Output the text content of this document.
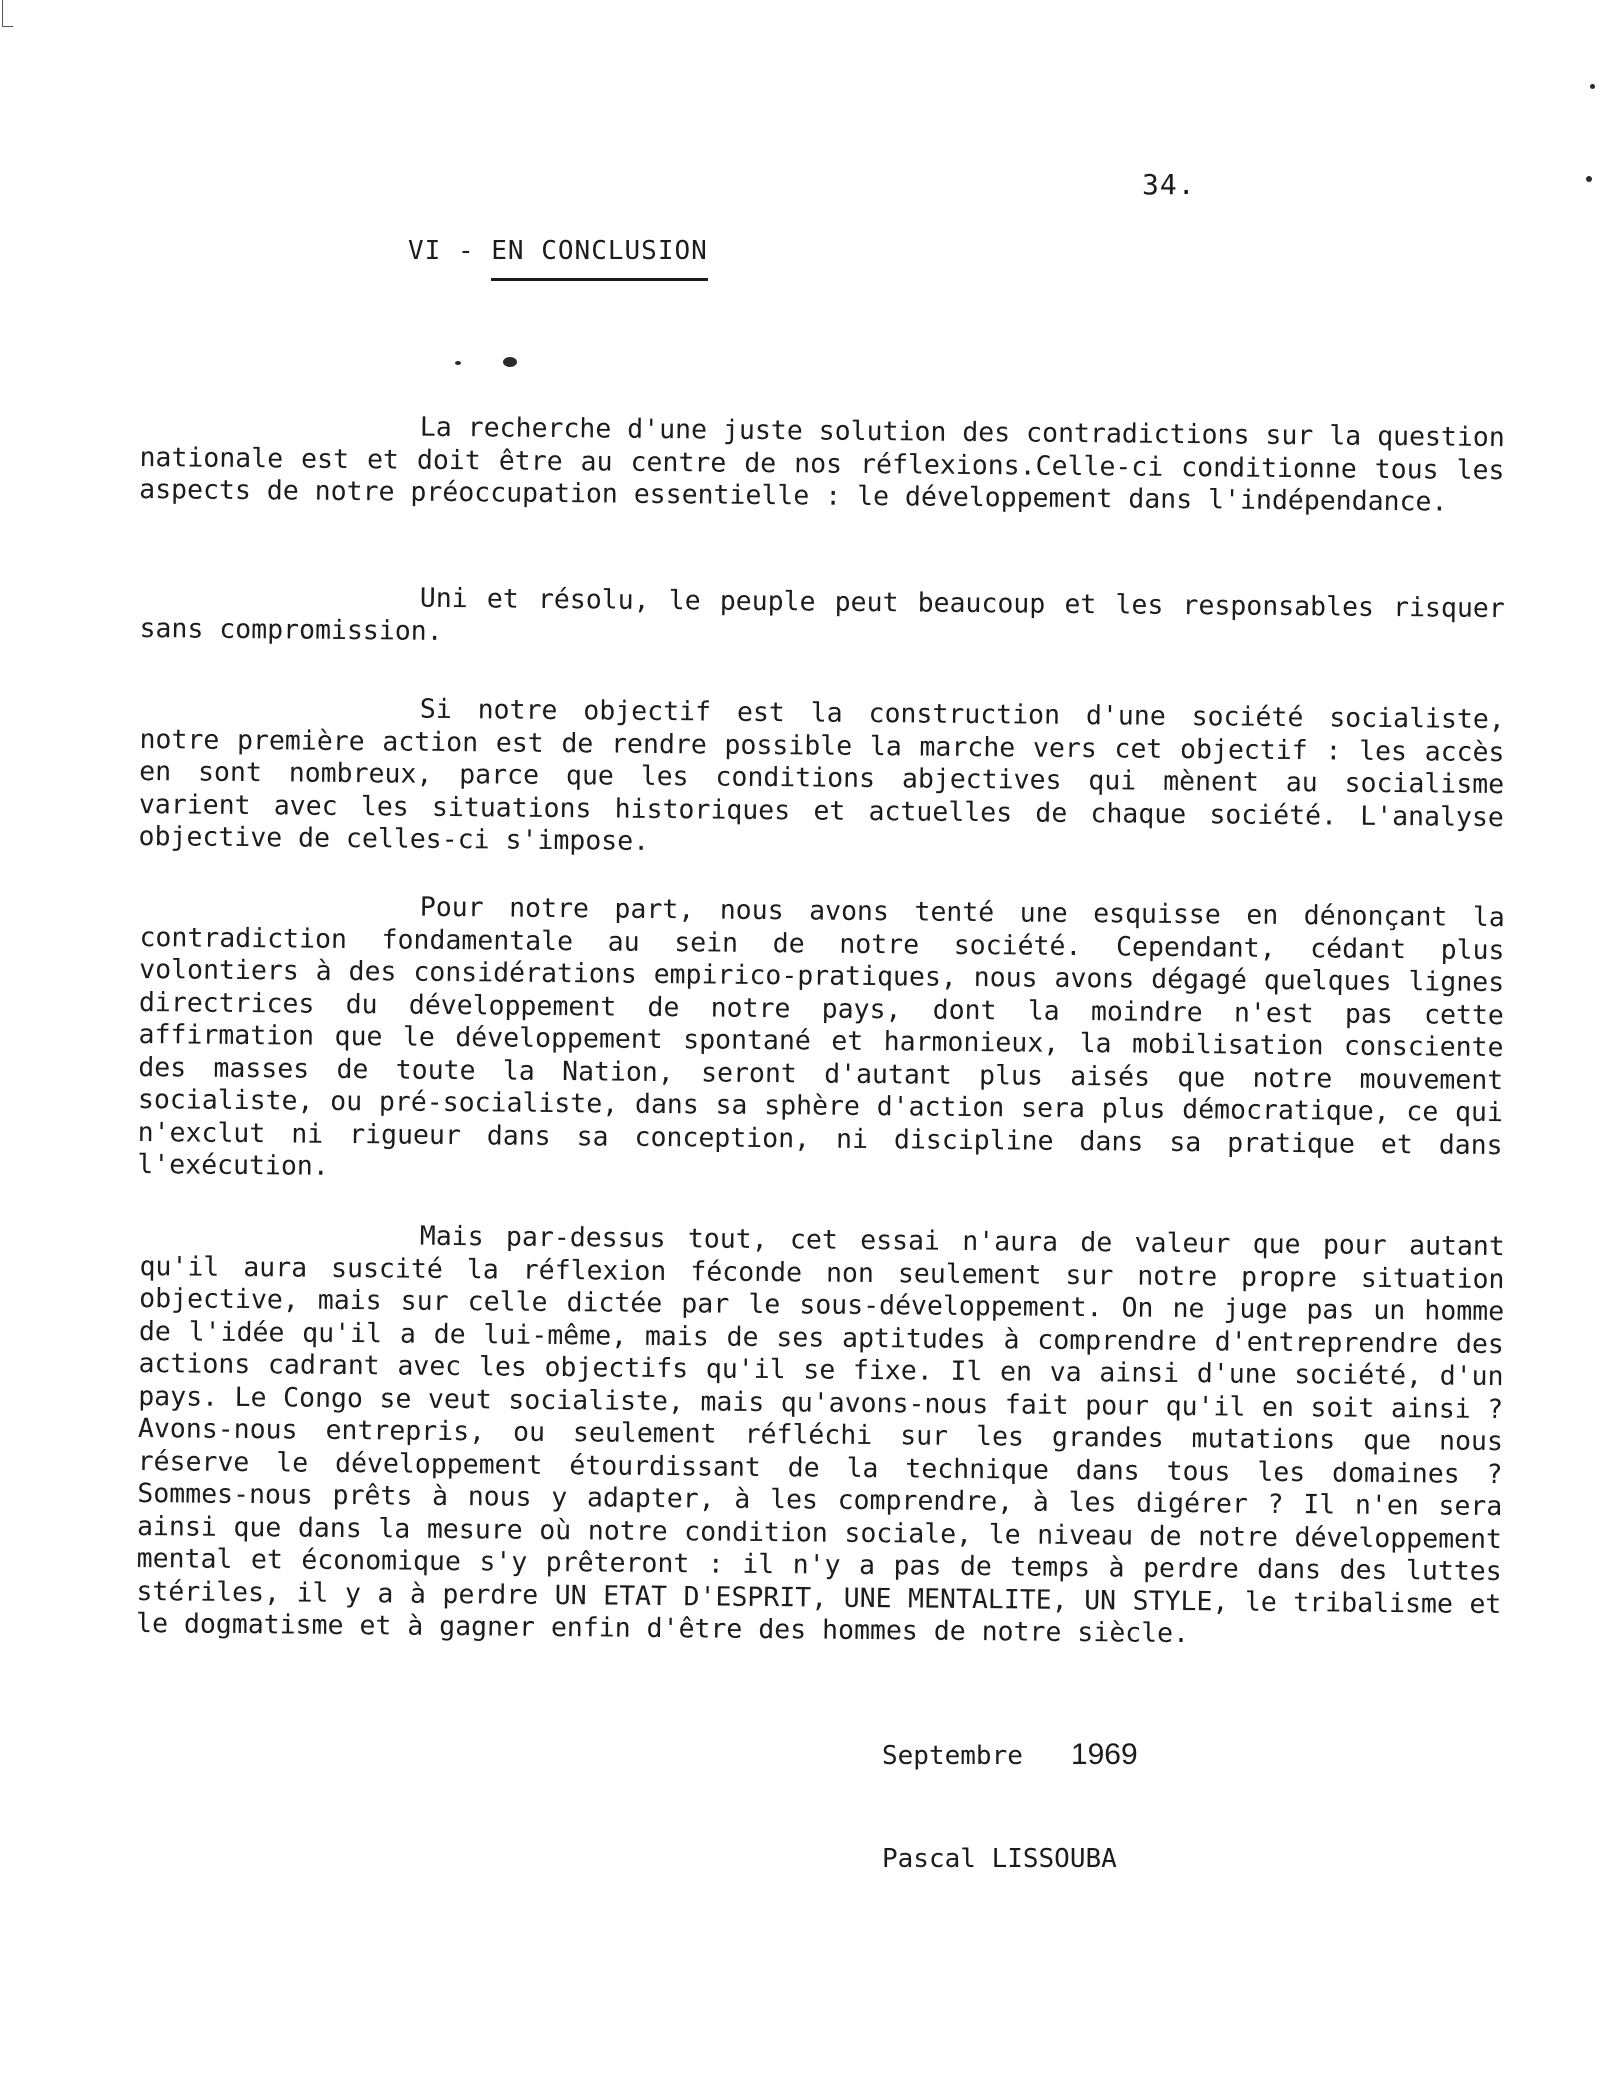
34.
VI - EN CONCLUSION

La recherche d'une juste solution des contradictions sur la question nationale est et doit être au centre de nos réflexions.Celle-ci conditionne tous les aspects de notre préoccupation essentielle : le développement dans l'indépendance.

Uni et résolu, le peuple peut beaucoup et les responsables risquer sans compromission.

Si notre objectif est la construction d'une société socialiste, notre première action est de rendre possible la marche vers cet objectif : les accès en sont nombreux, parce que les conditions abjectives qui mènent au socialisme varient avec les situations historiques et actuelles de chaque société. L'analyse objective de celles-ci s'impose.

Pour notre part, nous avons tenté une esquisse en dénonçant la contradiction fondamentale au sein de notre société. Cependant, cédant plus volontiers à des considérations empirico-pratiques, nous avons dégagé quelques lignes directrices du développement de notre pays, dont la moindre n'est pas cette affirmation que le développement spontané et harmonieux, la mobilisation consciente des masses de toute la Nation, seront d'autant plus aisés que notre mouvement socialiste, ou pré-socialiste, dans sa sphère d'action sera plus démocratique, ce qui n'exclut ni rigueur dans sa conception, ni discipline dans sa pratique et dans l'exécution.

Mais par-dessus tout, cet essai n'aura de valeur que pour autant qu'il aura suscité la réflexion féconde non seulement sur notre propre situation objective, mais sur celle dictée par le sous-développement. On ne juge pas un homme de l'idée qu'il a de lui-même, mais de ses aptitudes à comprendre d'entreprendre des actions cadrant avec les objectifs qu'il se fixe. Il en va ainsi d'une société, d'un pays. Le Congo se veut socialiste, mais qu'avons-nous fait pour qu'il en soit ainsi ? Avons-nous entrepris, ou seulement réfléchi sur les grandes mutations que nous réserve le développement étourdissant de la technique dans tous les domaines ? Sommes-nous prêts à nous y adapter, à les comprendre, à les digérer ? Il n'en sera ainsi que dans la mesure où notre condition sociale, le niveau de notre développement mental et économique s'y prêteront : il n'y a pas de temps à perdre dans des luttes stériles, il y a à perdre UN ETAT D'ESPRIT, UNE MENTALITE, UN STYLE, le tribalisme et le dogmatisme et à gagner enfin d'être des hommes de notre siècle.

Septembre 1969
Pascal LISSOUBA
